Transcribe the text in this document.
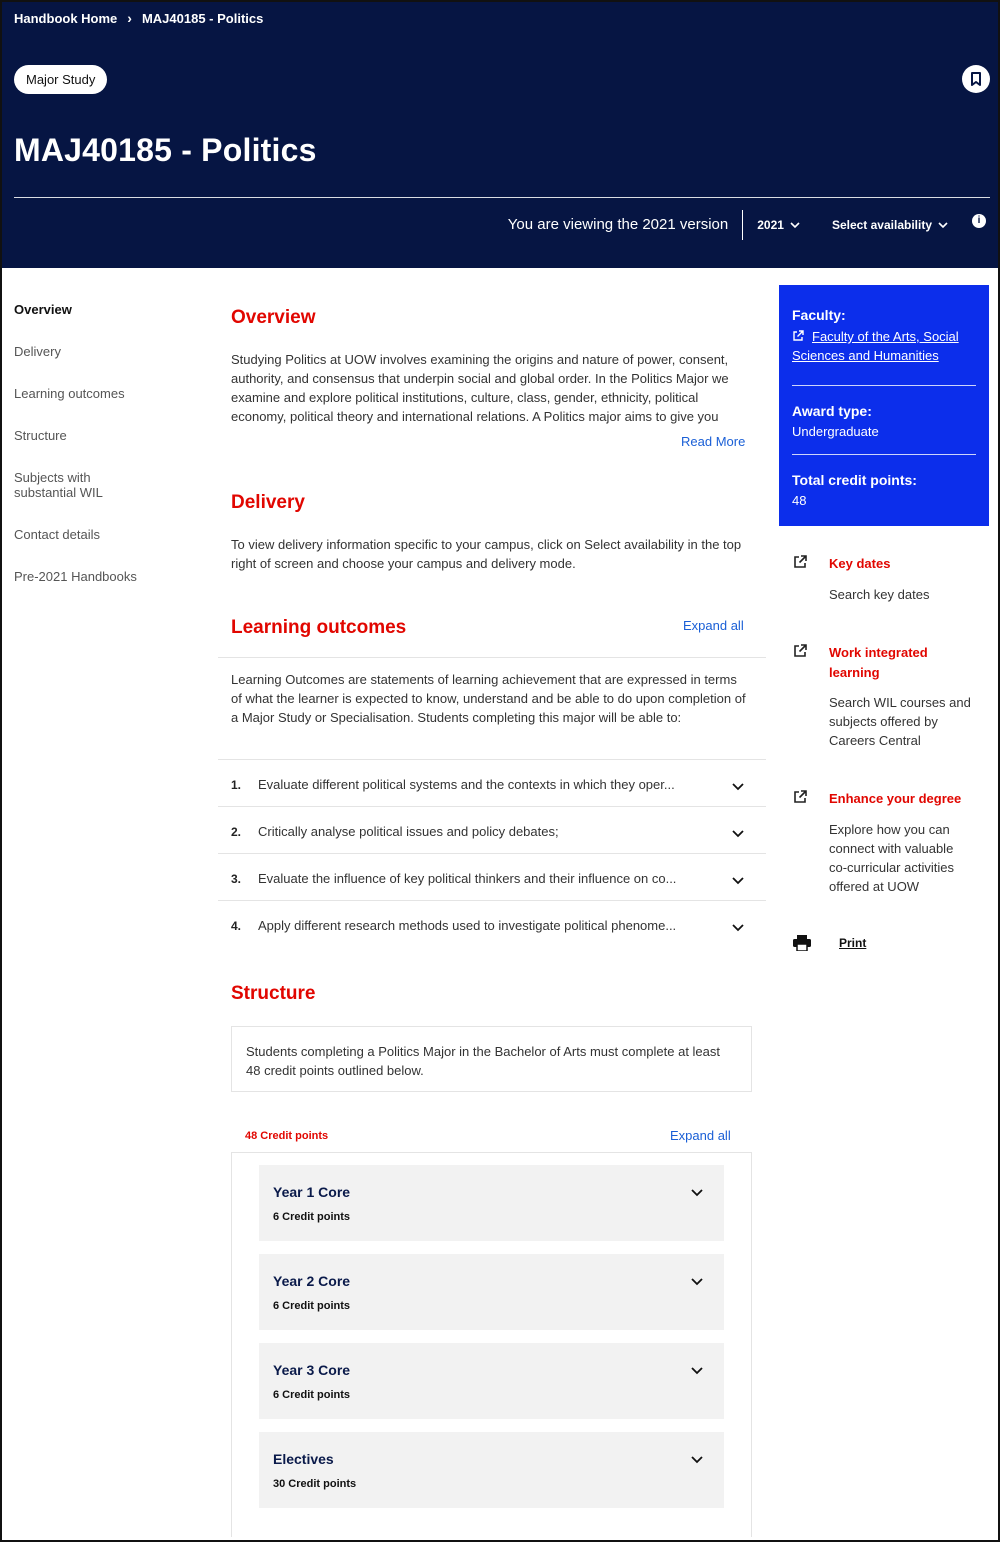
Handbook Home › MAJ40185 - Politics
Major Study
MAJ40185 - Politics
You are viewing the 2021 version	2021	Select availability	i
Overview
Delivery
Learning outcomes
Structure
Subjects with substantial WIL
Contact details
Pre-2021 Handbooks
Overview
Studying Politics at UOW involves examining the origins and nature of power, consent, authority, and consensus that underpin social and global order. In the Politics Major we examine and explore political institutions, culture, class, gender, ethnicity, political economy, political theory and international relations. A Politics major aims to give you
Read More
Delivery
To view delivery information specific to your campus, click on Select availability in the top right of screen and choose your campus and delivery mode.
Learning outcomes	Expand all
Learning Outcomes are statements of learning achievement that are expressed in terms of what the learner is expected to know, understand and be able to do upon completion of a Major Study or Specialisation. Students completing this major will be able to:
1. Evaluate different political systems and the contexts in which they oper...
2. Critically analyse political issues and policy debates;
3. Evaluate the influence of key political thinkers and their influence on co...
4. Apply different research methods used to investigate political phenome...
Structure
Students completing a Politics Major in the Bachelor of Arts must complete at least 48 credit points outlined below.
48 Credit points	Expand all
Year 1 Core
6 Credit points
Year 2 Core
6 Credit points
Year 3 Core
6 Credit points
Electives
30 Credit points
Faculty:
Faculty of the Arts, Social Sciences and Humanities
Award type:
Undergraduate
Total credit points:
48
Key dates
Search key dates
Work integrated learning
Search WIL courses and subjects offered by Careers Central
Enhance your degree
Explore how you can connect with valuable co-curricular activities offered at UOW
Print
